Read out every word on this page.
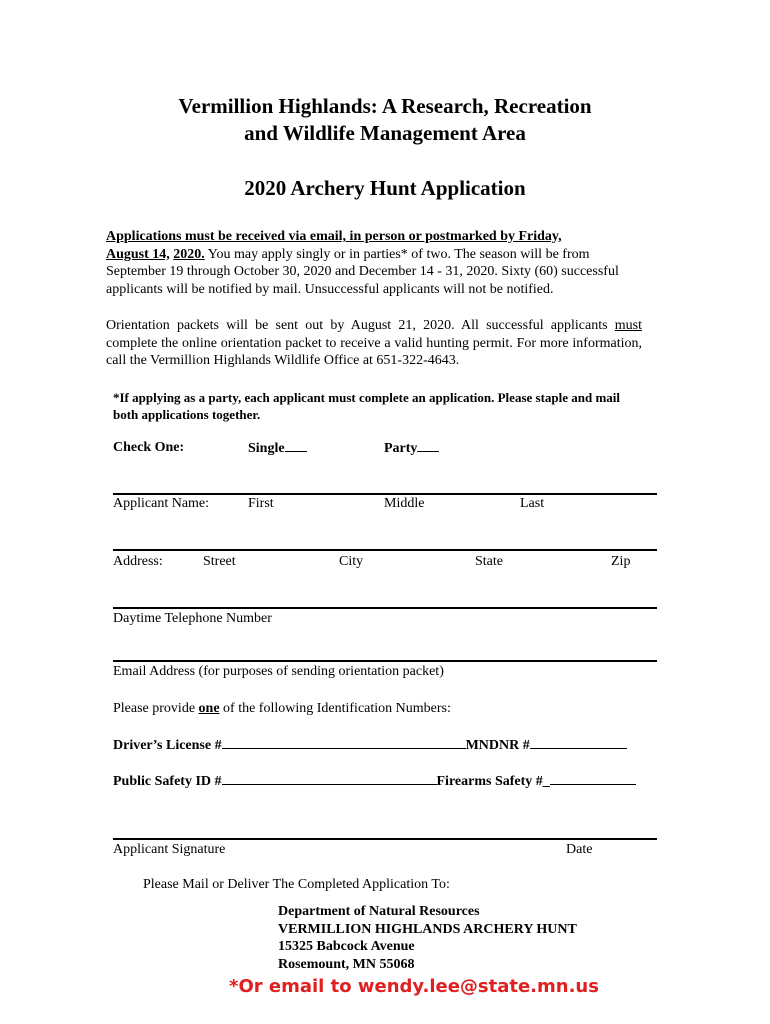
Vermillion Highlands: A Research, Recreation
and Wildlife Management Area
2020 Archery Hunt Application
Applications must be received via email, in person or postmarked by Friday,
August 14, 2020. You may apply singly or in parties* of two. The season will be from September 19 through October 30, 2020 and December 14 - 31, 2020. Sixty (60) successful applicants will be notified by mail. Unsuccessful applicants will not be notified.
Orientation packets will be sent out by August 21, 2020. All successful applicants must complete the online orientation packet to receive a valid hunting permit. For more information, call the Vermillion Highlands Wildlife Office at 651-322-4643.
*If applying as a party, each applicant must complete an application. Please staple and mail
both applications together.
Check One:	Single	Party
Applicant Name:	First	Middle	Last
Address:	Street	City	State	Zip
Daytime Telephone Number
Email Address (for purposes of sending orientation packet)
Please provide one of the following Identification Numbers:
Driver’s License #	MNDNR #
Public Safety ID #	Firearms Safety #_
Applicant Signature	Date
Please Mail or Deliver The Completed Application To:
Department of Natural Resources
VERMILLION HIGHLANDS ARCHERY HUNT
15325 Babcock Avenue
Rosemount, MN 55068
*Or email to wendy.lee@state.mn.us
